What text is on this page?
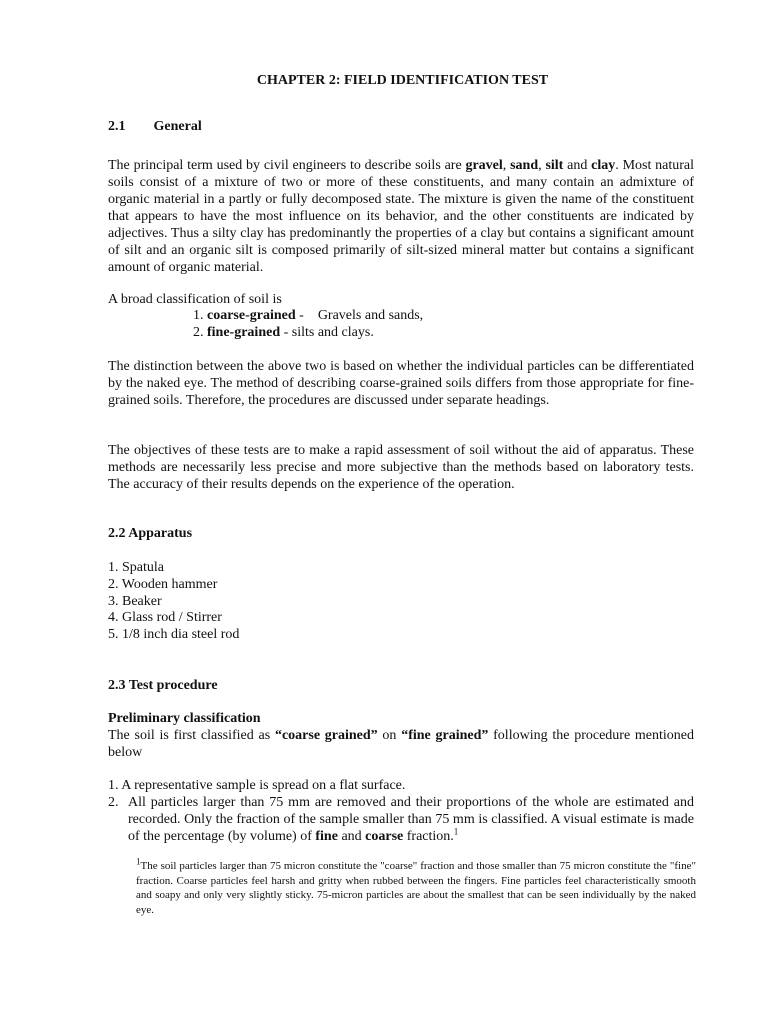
CHAPTER 2: FIELD IDENTIFICATION TEST
2.1 General

The principal term used by civil engineers to describe soils are gravel, sand, silt and clay. Most natural soils consist of a mixture of two or more of these constituents, and many contain an admixture of organic material in a partly or fully decomposed state. The mixture is given the name of the constituent that appears to have the most influence on its behavior, and the other constituents are indicated by adjectives. Thus a silty clay has predominantly the properties of a clay but contains a significant amount of silt and an organic silt is composed primarily of silt-sized mineral matter but contains a significant amount of organic material.

A broad classification of soil is
1. coarse-grained -    Gravels and sands,
2. fine-grained - silts and clays.

The distinction between the above two is based on whether the individual particles can be differentiated by the naked eye. The method of describing coarse-grained soils differs from those appropriate for fine-grained soils. Therefore, the procedures are discussed under separate headings.

The objectives of these tests are to make a rapid assessment of soil without the aid of apparatus. These methods are necessarily less precise and more subjective than the methods based on laboratory tests. The accuracy of their results depends on the experience of the operation.

2.2 Apparatus
1. Spatula
2. Wooden hammer
3. Beaker
4. Glass rod / Stirrer
5. 1/8 inch dia steel rod
2.3 Test procedure
Preliminary classification

The soil is first classified as “coarse grained” on “fine grained” following the procedure mentioned below

1. A representative sample is spread on a flat surface.
2. All particles larger than 75 mm are removed and their proportions of the whole are estimated and recorded. Only the fraction of the sample smaller than 75 mm is classified. A visual estimate is made of the percentage (by volume) of fine and coarse fraction.$^1$

$^1$The soil particles larger than 75 micron constitute the "coarse" fraction and those smaller than 75 micron constitute the "fine" fraction. Coarse particles feel harsh and gritty when rubbed between the fingers. Fine particles feel characteristically smooth and soapy and only very slightly sticky. 75-micron particles are about the smallest that can be seen individually by the naked eye.
